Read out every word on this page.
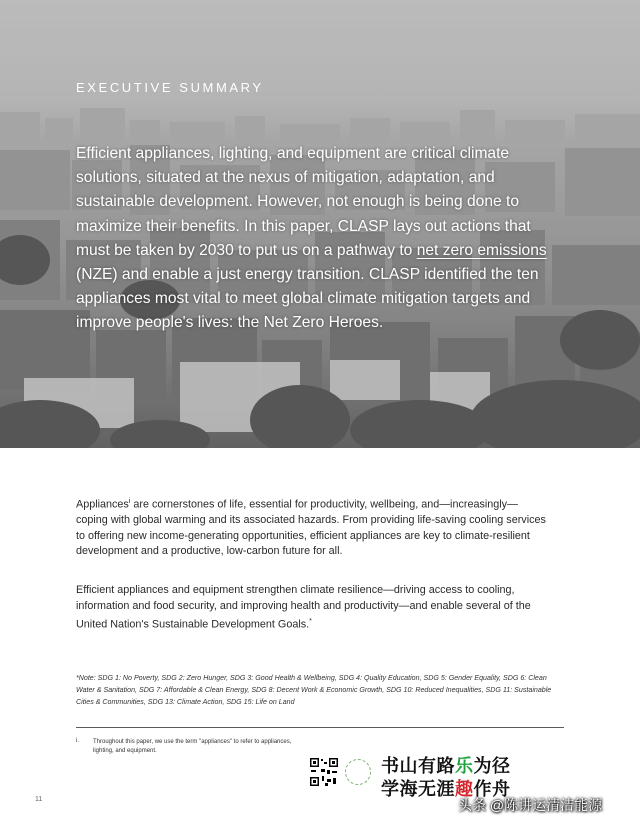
EXECUTIVE SUMMARY

Efficient appliances, lighting, and equipment are critical climate solutions, situated at the nexus of mitigation, adaptation, and sustainable development. However, not enough is being done to maximize their benefits. In this paper, CLASP lays out actions that must be taken by 2030 to put us on a pathway to net zero emissions (NZE) and enable a just energy transition. CLASP identified the ten appliances most vital to meet global climate mitigation targets and improve people's lives: the Net Zero Heroes.

Appliances$^i$ are cornerstones of life, essential for productivity, wellbeing, and—increasingly—coping with global warming and its associated hazards. From providing life-saving cooling services to offering new income-generating opportunities, efficient appliances are key to climate-resilient development and a productive, low-carbon future for all.

Efficient appliances and equipment strengthen climate resilience—driving access to cooling, information and food security, and improving health and productivity—and enable several of the United Nation's Sustainable Development Goals.*

*Note: SDG 1: No Poverty, SDG 2: Zero Hunger, SDG 3: Good Health & Wellbeing, SDG 4: Quality Education, SDG 5: Gender Equality, SDG 6: Clean Water & Sanitation, SDG 7: Affordable & Clean Energy, SDG 8: Decent Work & Economic Growth, SDG 10: Reduced Inequalities, SDG 11: Sustainable Cities & Communities, SDG 13: Climate Action, SDG 15: Life on Land

i. Throughout this paper, we use the term "appliances" to refer to appliances, lighting, and equipment.

11
书山有路乐为径
学海无涯趣作舟
头条 @陈讲运清洁能源
